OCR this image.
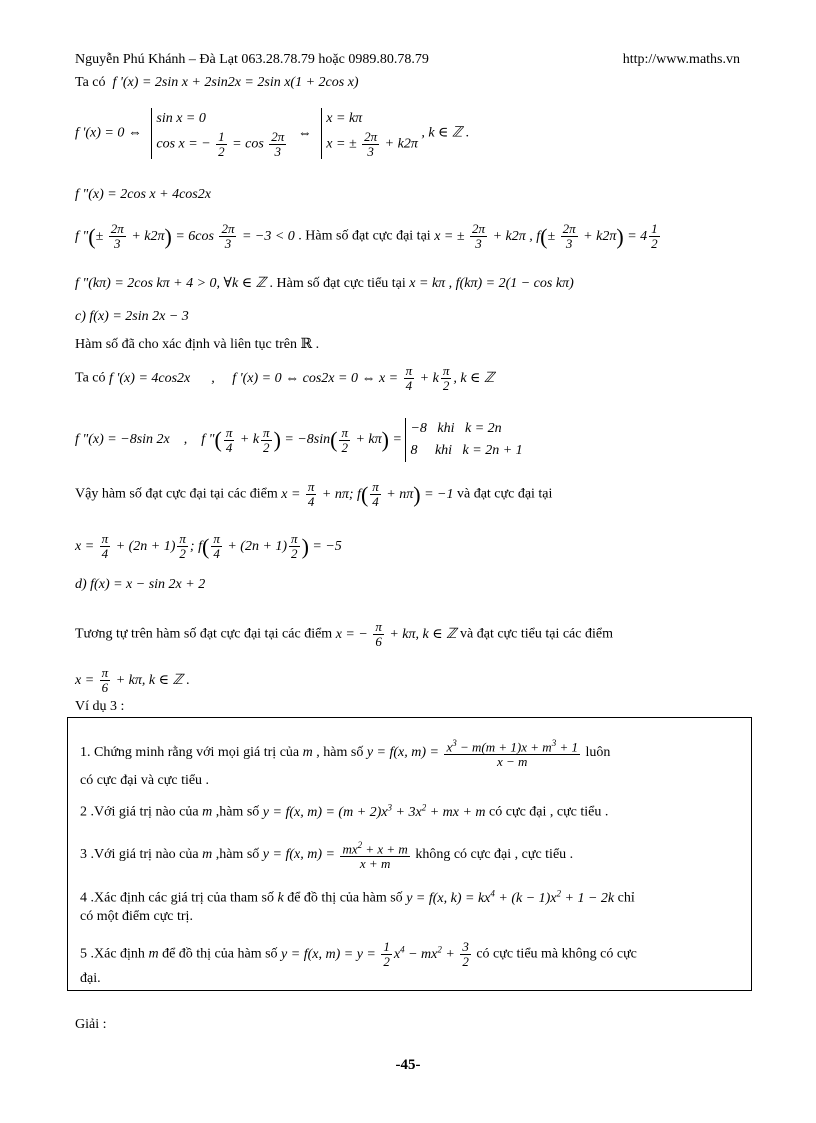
Nguyễn Phú Khánh – Đà Lạt 063.28.78.79 hoặc 0989.80.78.79	http://www.maths.vn
Ta có  f '(x) = 2sin x + 2sin2x = 2sin x(1 + 2cos x)
f '(x) = 0 ⇔
sin x = 0
cos x = − $\frac{1}{2} = \cos \frac{2\pi}{3}$ ⇔
x = kπ
x = ± $\frac{2\pi}{3} + k2\pi$
, k ∈ ℤ .
f "(x) = 2cos x + 4cos2x
f "(± $\frac{2\pi}{3} + k2\pi) = 6\cos \frac{2\pi}{3} = -3 < 0$ . Hàm số đạt cực đại tại x = ± $\frac{2\pi}{3} + k2\pi$ , $f(\pm \frac{2\pi}{3} + k2\pi) = 4 \frac{1}{2}$
f "(kπ) = 2cos kπ + 4 > 0, ∀k ∈ ℤ . Hàm số đạt cực tiểu tại x = kπ , f(kπ) = 2(1 − cos kπ)
c) f(x) = 2sin 2x − 3
Hàm số đã cho xác định và liên tục trên ℝ .
Ta có f '(x) = 4cos2x      ,     f '(x) = 0 ⇔ cos2x = 0 ⇔ $x = \frac{\pi}{4} + k \frac{\pi}{2}$ , k ∈ ℤ
f "(x) = −8sin 2x    ,    f "( $\frac{\pi}{4} + k \frac{\pi}{2}$ ) = $-8\sin( \frac{\pi}{2} + k\pi)$ =
−8   khi   k = 2n
8     khi   k = 2n + 1
Vậy hàm số đạt cực đại tại các điểm $x = \frac{\pi}{4} + n\pi$; $f( \frac{\pi}{4} + n\pi) = -1$ và đạt cực đại tại
$x = \frac{\pi}{4} + (2n + 1) \frac{\pi}{2}$ ; $f( \frac{\pi}{4} + (2n + 1) \frac{\pi}{2}$ ) = −5
d) f(x) = x − sin 2x + 2
Tương tự trên hàm số đạt cực đại tại các điểm x = − $\frac{\pi}{6} + k\pi$, k ∈ ℤ và đạt cực tiểu tại các điểm
$x = \frac{\pi}{6} + k\pi$, k ∈ ℤ .
Ví dụ 3 :
1. Chứng minh rằng với mọi giá trị của m , hàm số y = f(x, $m) = \frac{x^3 - m(m + 1)x + m^3 + 1}{x - m}$ luôn
có cực đại và cực tiểu .
2 .Với giá trị nào của m ,hàm số y = f(x, $m) = (m + 2)x^3 + 3x^2$ + mx + m có cực đại , cực tiểu .
3 .Với giá trị nào của m ,hàm số y = f(x, $m) = \frac{mx^2 + x + m}{x + m}$ không có cực đại , cực tiểu .
4 .Xác định các giá trị của tham số k để đồ thị của hàm số y = f(x, $k) = kx^4 + (k - 1)x^2 + 1 - 2k$ chỉ
có một điểm cực trị.
5 .Xác định m để đồ thị của hàm số y = f(x, $m) = y = \frac{1}{2} x^4 - mx^2 + \frac{3}{2}$ có cực tiểu mà không có cực
đại.
Giải :
-45-
